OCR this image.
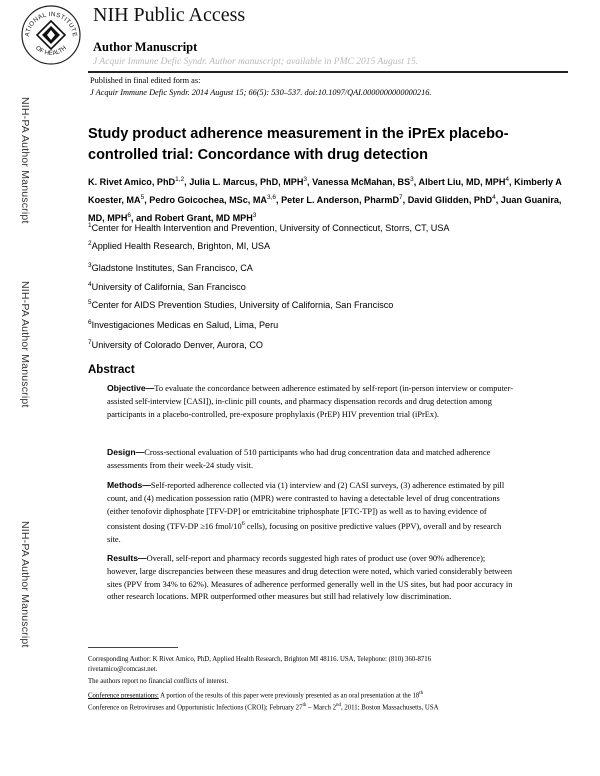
ATIONAL INSTITUTE
OF HEALTH
NIH Public Access
Author Manuscript
J Acquir Immune Defic Syndr. Author manuscript; available in PMC 2015 August 15.
Published in final edited form as:
J Acquir Immune Defic Syndr. 2014 August 15; 66(5): 530–537. doi:10.1097/QAI.0000000000000216.
NIH-PA Author Manuscript
NIH-PA Author Manuscript
NIH-PA Author Manuscript
Study product adherence measurement in the iPrEx placebo-controlled trial: Concordance with drug detection
K. Rivet Amico, PhD$^{1,2}$, Julia L. Marcus, PhD, MPH$^3$, Vanessa McMahan, $BS^3$, Albert Liu, MD, MPH$^4$, Kimberly A Koester, $MA^5$, Pedro Goicochea, MSc, MA$^{3,6}$, Peter L. Anderson, PharmD$^7$, David Glidden, PhD$^4$, Juan Guanira, MD, MPH$^6$, and Robert Grant, MD MPH$^3$
$^1$Center for Health Intervention and Prevention, University of Connecticut, Storrs, CT, USA
$^2$Applied Health Research, Brighton, MI, USA
$^3$Gladstone Institutes, San Francisco, CA
$^4$University of California, San Francisco
$^5$Center for AIDS Prevention Studies, University of California, San Francisco
$^6$Investigaciones Medicas en Salud, Lima, Peru
$^7$University of Colorado Denver, Aurora, CO
Abstract
Objective—To evaluate the concordance between adherence estimated by self-report (in-person interview or computer-assisted self-interview [CASI]), in-clinic pill counts, and pharmacy dispensation records and drug detection among participants in a placebo-controlled, pre-exposure prophylaxis (PrEP) HIV prevention trial (iPrEx).
Design—Cross-sectional evaluation of 510 participants who had drug concentration data and matched adherence assessments from their week-24 study visit.
Methods—Self-reported adherence collected via (1) interview and (2) CASI surveys, (3) adherence estimated by pill count, and (4) medication possession ratio (MPR) were contrasted to having a detectable level of drug concentrations (either tenofovir diphosphate [TFV-DP] or emtricitabine triphosphate [FTC-TP]) as well as to having evidence of consistent dosing (TFV-DP ≥16 fmol/$10^6$ cells), focusing on positive predictive values (PPV), overall and by research site.
Results—Overall, self-report and pharmacy records suggested high rates of product use (over 90% adherence); however, large discrepancies between these measures and drug detection were noted, which varied considerably between sites (PPV from 34% to 62%). Measures of adherence performed generally well in the US sites, but had poor accuracy in other research locations. MPR outperformed other measures but still had relatively low discrimination.
Corresponding Author: K Rivet Amico, PhD, Applied Health Research, Brighton MI 48116. USA, Telephone: (810) 360-8716
rivetamico@comcast.net.
The authors report no financial conflicts of interest.
Conference presentations: A portion of the results of this paper were previously presented as an oral presentation at the 18th
Conference on Retroviruses and Opportunistic Infections (CROI); February 27th – March 2nd, 2011; Boston Massachusetts, USA
